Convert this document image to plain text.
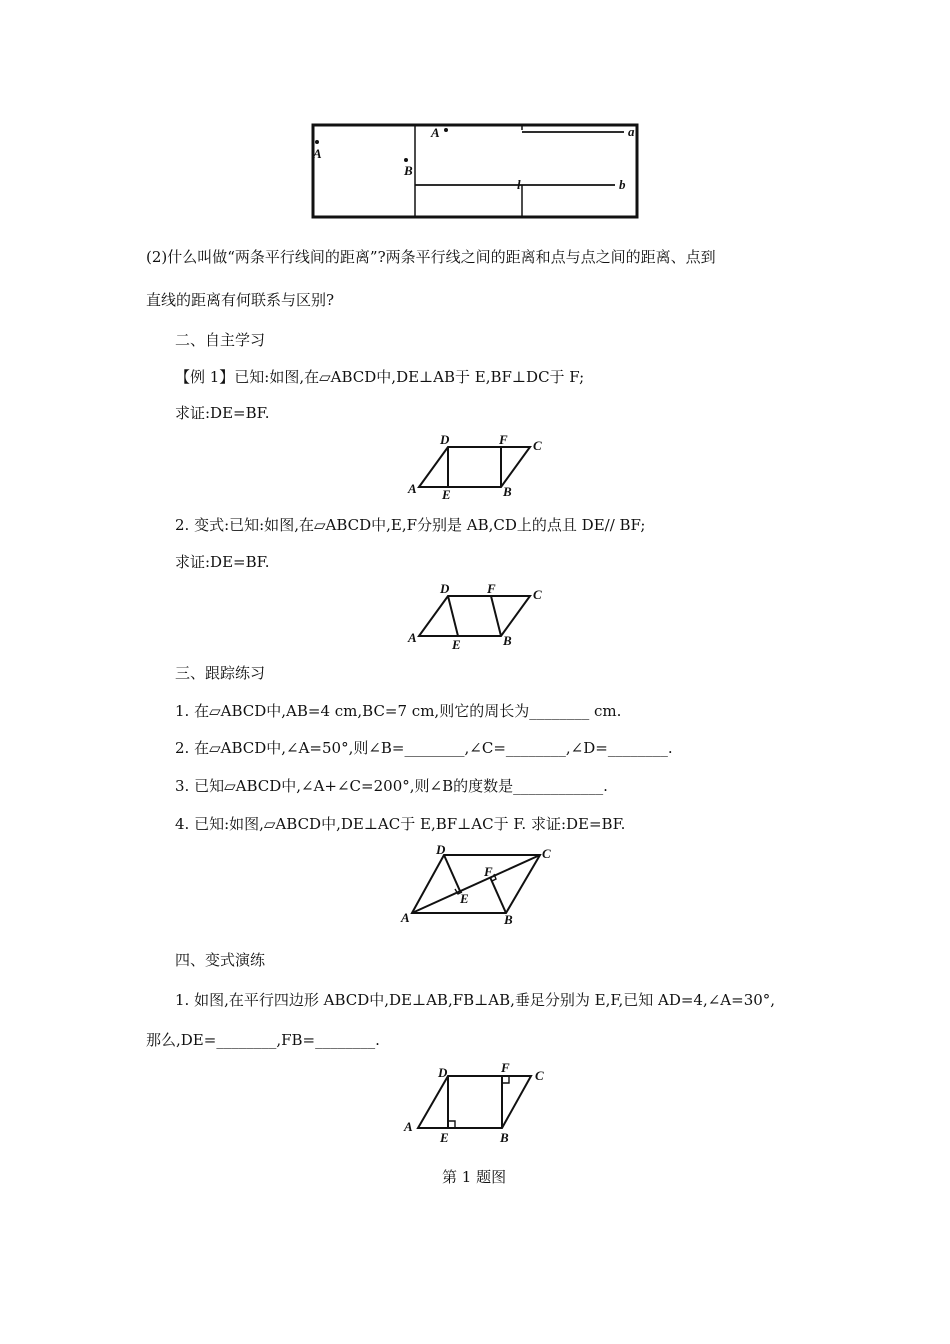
A
B
A	a
l	b
(2)什么叫做“两条平行线间的距离”?两条平行线之间的距离和点与点之间的距离、点到
直线的距离有何联系与区别?
二、自主学习
【例 1】已知:如图,在▱ABCD中,DE⊥AB于 E,BF⊥DC于 F;
求证:DE=BF.
D	F C
A E	B
2. 变式:已知:如图,在▱ABCD中,E,F分别是 AB,CD上的点且 DE// BF;
求证:DE=BF.
D	F	C
A	E	B
三、跟踪练习
1. 在▱ABCD中,AB=4 cm,BC=7 cm,则它的周长为________ cm.
2. 在▱ABCD中,∠A=50°,则∠B=________,∠C=________,∠D=________.
3. 已知▱ABCD中,∠A+∠C=200°,则∠B的度数是____________.
4. 已知:如图,▱ABCD中,DE⊥AC于 E,BF⊥AC于 F. 求证:DE=BF.
D	C
F
E
A	B
四、变式演练
1. 如图,在平行四边形 ABCD中,DE⊥AB,FB⊥AB,垂足分别为 E,F,已知 AD=4,∠A=30°,
那么,DE=________,FB=________.
D	F
C
A
E	B
第 1 题图
